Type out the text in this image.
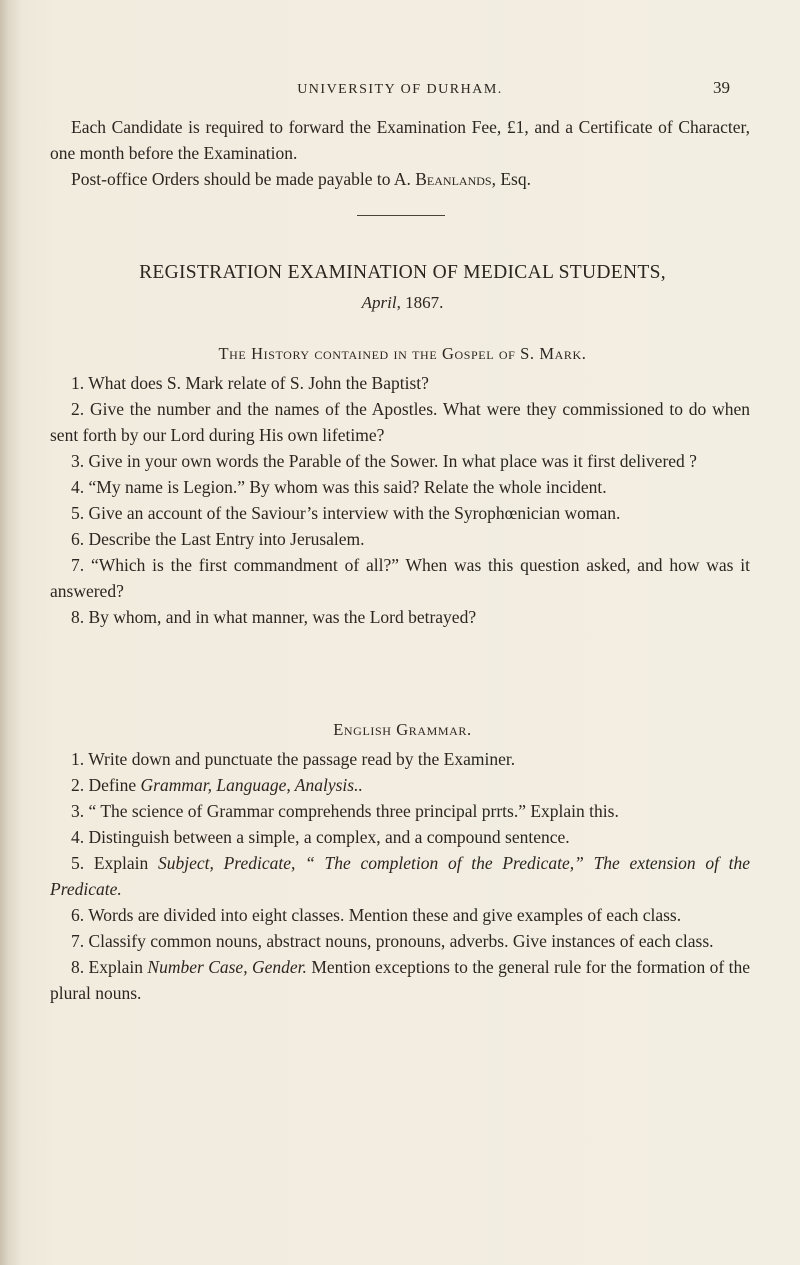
UNIVERSITY OF DURHAM.	39

Each Candidate is required to forward the Examination Fee, £1, and a Certificate of Character, one month before the Examination.

Post-office Orders should be made payable to A. Beanlands, Esq.

REGISTRATION EXAMINATION OF MEDICAL STUDENTS,
April, 1867.
The History contained in the Gospel of S. Mark.
1. What does S. Mark relate of S. John the Baptist?
2. Give the number and the names of the Apostles. What were they commissioned to do when sent forth by our Lord during His own lifetime?
3. Give in your own words the Parable of the Sower. In what place was it first delivered ?
4. “My name is Legion.” By whom was this said? Relate the whole incident.
5. Give an account of the Saviour’s interview with the Syrophœnician woman.
6. Describe the Last Entry into Jerusalem.
7. “Which is the first commandment of all?” When was this question asked, and how was it answered?
8. By whom, and in what manner, was the Lord betrayed?
English Grammar.
1. Write down and punctuate the passage read by the Examiner.
2. Define Grammar, Language, Analysis..
3. “ The science of Grammar comprehends three principal prrts.” Explain this.
4. Distinguish between a simple, a complex, and a compound sentence.
5. Explain Subject, Predicate, “ The completion of the Predicate,” The extension of the Predicate.
6. Words are divided into eight classes. Mention these and give examples of each class.
7. Classify common nouns, abstract nouns, pronouns, adverbs. Give instances of each class.
8. Explain Number Case, Gender. Mention exceptions to the general rule for the formation of the plural nouns.
